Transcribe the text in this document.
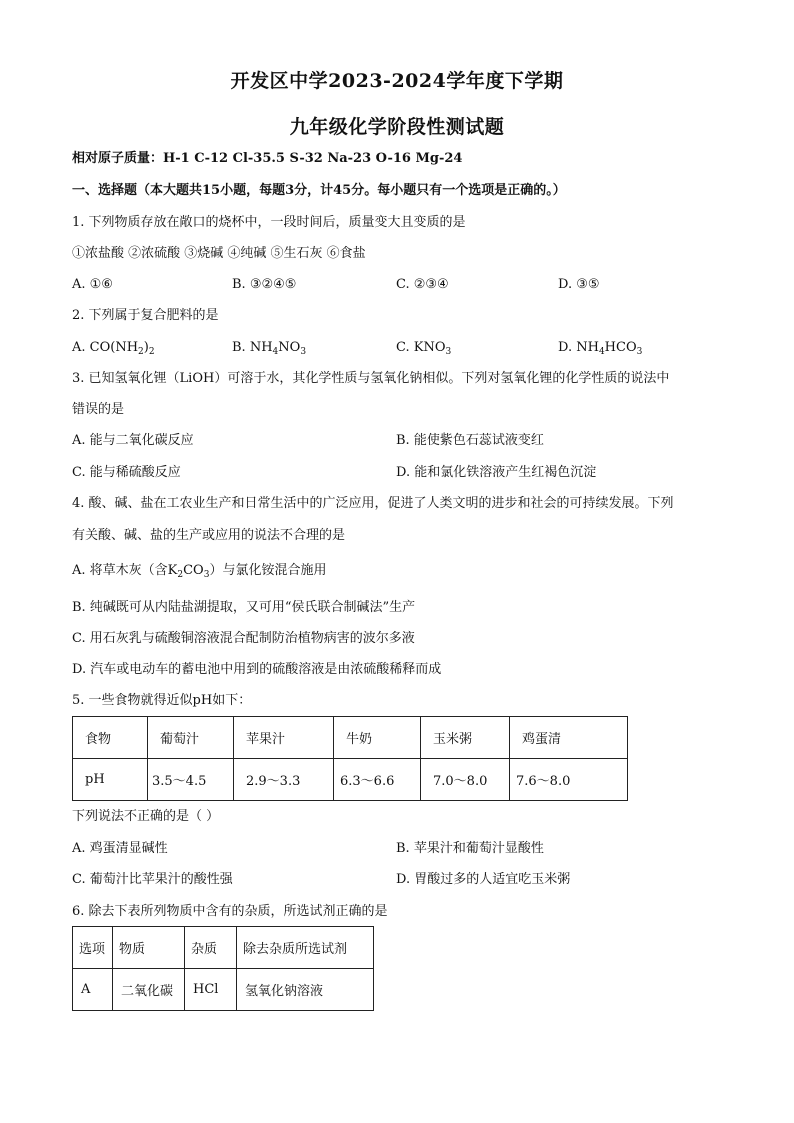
开发区中学2023-2024学年度下学期
九年级化学阶段性测试题
相对原子质量：H-1 C-12 Cl-35.5 S-32 Na-23 O-16 Mg-24
一、选择题（本大题共15小题，每题3分，计45分。每小题只有一个选项是正确的。）
1. 下列物质存放在敞口的烧杯中，一段时间后，质量变大且变质的是
①浓盐酸 ②浓硫酸 ③烧碱 ④纯碱 ⑤生石灰 ⑥食盐
A. ①⑥	B. ③②④⑤	C. ②③④	D. ③⑤
2. 下列属于复合肥料的是
A. $CO(NH_2)_2$	B. $NH_4NO_3$	C. $KNO_3$	D. $NH_4HCO_3$
3. 已知氢氧化锂（LiOH）可溶于水，其化学性质与氢氧化钠相似。下列对氢氧化锂的化学性质的说法中
错误的是
A. 能与二氧化碳反应	B. 能使紫色石蕊试液变红
C. 能与稀硫酸反应	D. 能和氯化铁溶液产生红褐色沉淀
4. 酸、碱、盐在工农业生产和日常生活中的广泛应用，促进了人类文明的进步和社会的可持续发展。下列
有关酸、碱、盐的生产或应用的说法不合理的是
A. 将草木灰（含$K_2CO_3$）与氯化铵混合施用
B. 纯碱既可从内陆盐湖提取，又可用“侯氏联合制碱法”生产
C. 用石灰乳与硫酸铜溶液混合配制防治植物病害的波尔多液
D. 汽车或电动车的蓄电池中用到的硫酸溶液是由浓硫酸稀释而成
5. 一些食物就得近似pH如下：
食物	葡萄汁	苹果汁	牛奶	玉米粥	鸡蛋清
pH	3.5～4.5	2.9～3.3	6.3～6.6	7.0～8.0	7.6～8.0
下列说法不正确的是（ ）
A. 鸡蛋清显碱性	B. 苹果汁和葡萄汁显酸性
C. 葡萄汁比苹果汁的酸性强	D. 胃酸过多的人适宜吃玉米粥
6. 除去下表所列物质中含有的杂质，所选试剂正确的是
选项	物质	杂质	除去杂质所选试剂
A	二氧化碳	HCl	氢氧化钠溶液
